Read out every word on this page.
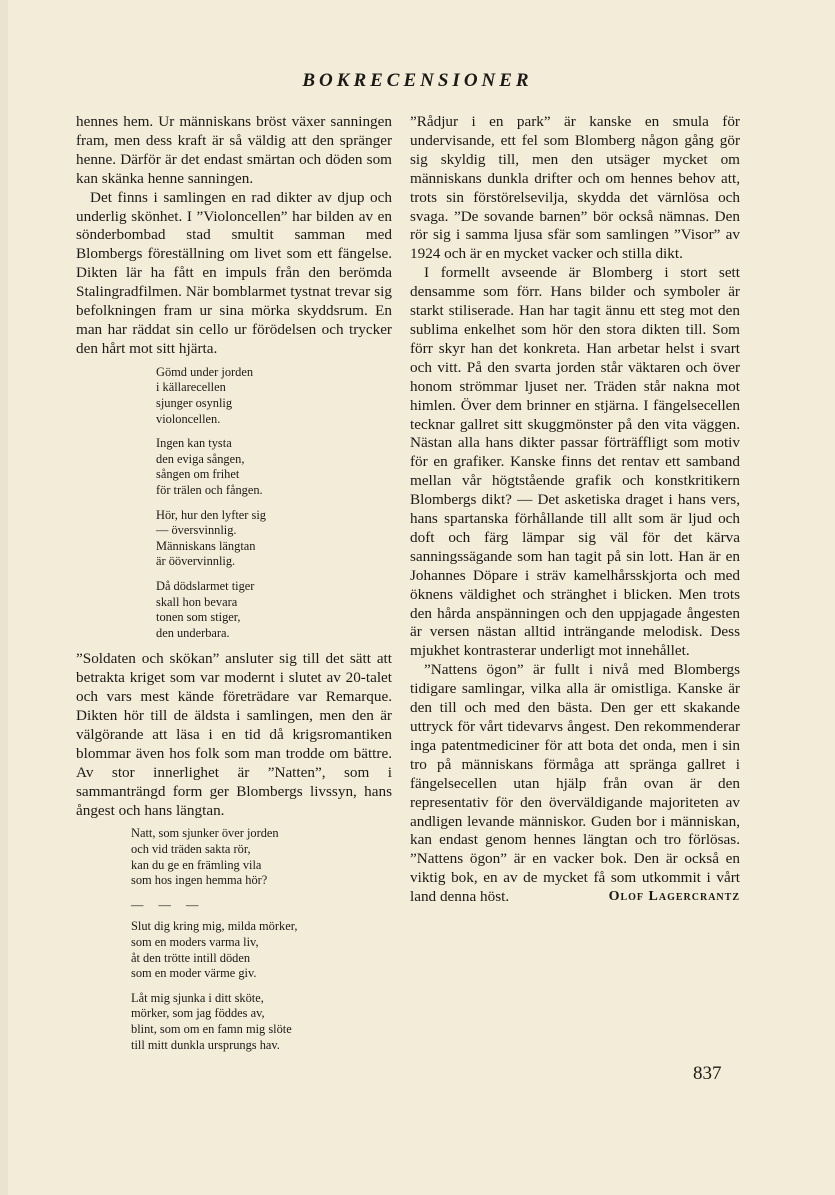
BOKRECENSIONER

hennes hem. Ur människans bröst växer sanningen fram, men dess kraft är så väldig att den spränger henne. Därför är det endast smärtan och döden som kan skänka henne sanningen.

Det finns i samlingen en rad dikter av djup och underlig skönhet. I ”Violoncellen” har bilden av en sönderbombad stad smultit samman med Blombergs föreställning om livet som ett fängelse. Dikten lär ha fått en impuls från den berömda Stalingradfilmen. När bomblarmet tystnat trevar sig befolkningen fram ur sina mörka skyddsrum. En man har räddat sin cello ur förödelsen och trycker den hårt mot sitt hjärta.

Gömd under jorden
i källarecellen
sjunger osynlig
violoncellen.
Ingen kan tysta
den eviga sången,
sången om frihet
för trälen och fången.
Hör, hur den lyfter sig
— översvinnlig.
Människans längtan
är öövervinnlig.
Då dödslarmet tiger
skall hon bevara
tonen som stiger,
den underbara.

”Soldaten och skökan” ansluter sig till det sätt att betrakta kriget som var modernt i slutet av 20-talet och vars mest kände företrädare var Remarque. Dikten hör till de äldsta i samlingen, men den är välgörande att läsa i en tid då krigsromantiken blommar även hos folk som man trodde om bättre. Av stor innerlighet är ”Natten”, som i sammanträngd form ger Blombergs livssyn, hans ångest och hans längtan.

Natt, som sjunker över jorden
och vid träden sakta rör,
kan du ge en främling vila
som hos ingen hemma hör?
— — —
Slut dig kring mig, milda mörker,
som en moders varma liv,
åt den trötte intill döden
som en moder värme giv.
Låt mig sjunka i ditt sköte,
mörker, som jag föddes av,
blint, som om en famn mig slöte
till mitt dunkla ursprungs hav.

”Rådjur i en park” är kanske en smula för undervisande, ett fel som Blomberg någon gång gör sig skyldig till, men den utsäger mycket om människans dunkla drifter och om hennes behov att, trots sin förstörelsevilja, skydda det värnlösa och svaga. ”De sovande barnen” bör också nämnas. Den rör sig i samma ljusa sfär som samlingen ”Visor” av 1924 och är en mycket vacker och stilla dikt.

I formellt avseende är Blomberg i stort sett densamme som förr. Hans bilder och symboler är starkt stiliserade. Han har tagit ännu ett steg mot den sublima enkelhet som hör den stora dikten till. Som förr skyr han det konkreta. Han arbetar helst i svart och vitt. På den svarta jorden står väktaren och över honom strömmar ljuset ner. Träden står nakna mot himlen. Över dem brinner en stjärna. I fängelsecellen tecknar gallret sitt skuggmönster på den vita väggen. Nästan alla hans dikter passar förträffligt som motiv för en grafiker. Kanske finns det rentav ett samband mellan vår högtstående grafik och konstkritikern Blombergs dikt? — Det asketiska draget i hans vers, hans spartanska förhållande till allt som är ljud och doft och färg lämpar sig väl för det kärva sanningssägande som han tagit på sin lott. Han är en Johannes Döpare i sträv kamelhårsskjorta och med öknens väldighet och stränghet i blicken. Men trots den hårda anspänningen och den uppjagade ångesten är versen nästan alltid inträngande melodisk. Dess mjukhet kontrasterar underligt mot innehållet.

”Nattens ögon” är fullt i nivå med Blombergs tidigare samlingar, vilka alla är omistliga. Kanske är den till och med den bästa. Den ger ett skakande uttryck för vårt tidevarvs ångest. Den rekommenderar inga patentmediciner för att bota det onda, men i sin tro på människans förmåga att spränga gallret i fängelsecellen utan hjälp från ovan är den representativ för den överväldigande majoriteten av andligen levande människor. Guden bor i människan, kan endast genom hennes längtan och tro förlösas. ”Nattens ögon” är en vacker bok. Den är också en viktig bok, en av de mycket få som utkommit i vårt land denna höst.	Olof Lagercrantz

837
